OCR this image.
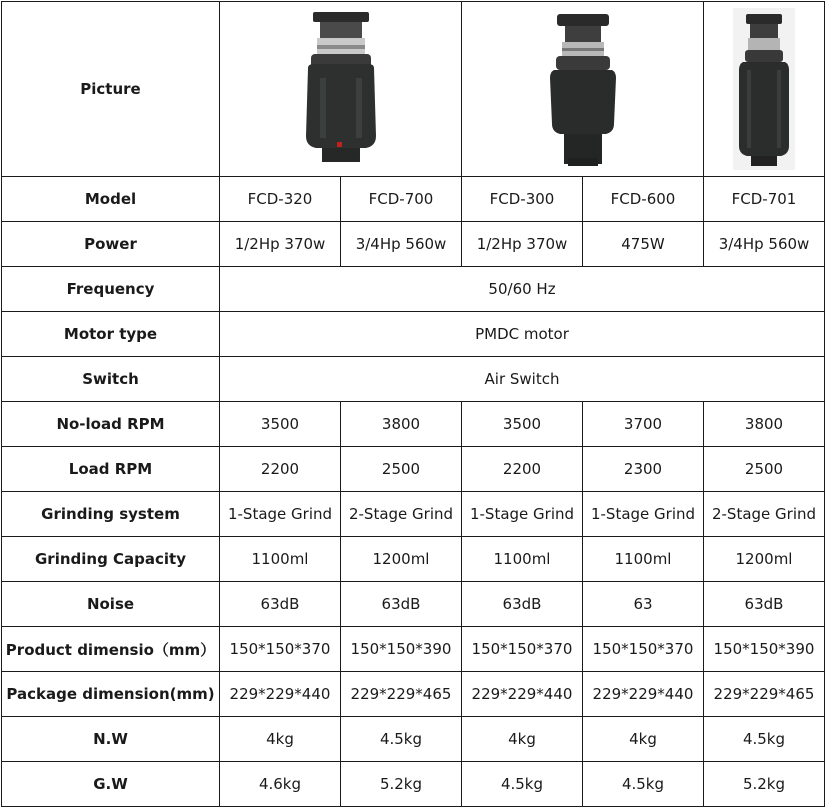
Picture	

Model	FCD-320	FCD-700	FCD-300	FCD-600	FCD-701
Power	1/2Hp 370w	3/4Hp 560w	1/2Hp 370w	475W	3/4Hp 560w
Frequency	50/60 Hz				
Motor type	PMDC motor				
Switch	Air Switch				
No-load RPM	3500	3800	3500	3700	3800
Load RPM	2200	2500	2200	2300	2500
Grinding system	1-Stage Grind	2-Stage Grind	1-Stage Grind	1-Stage Grind	2-Stage Grind
Grinding Capacity	1100ml	1200ml	1100ml	1100ml	1200ml
Noise	63dB	63dB	63dB	63	63dB
Product dimensio（mm）	150*150*370	150*150*390	150*150*370	150*150*370	150*150*390
Package dimension(mm)	229*229*440	229*229*465	229*229*440	229*229*440	229*229*465
N.W	4kg	4.5kg	4kg	4kg	4.5kg
G.W	4.6kg	5.2kg	4.5kg	4.5kg	5.2kg
